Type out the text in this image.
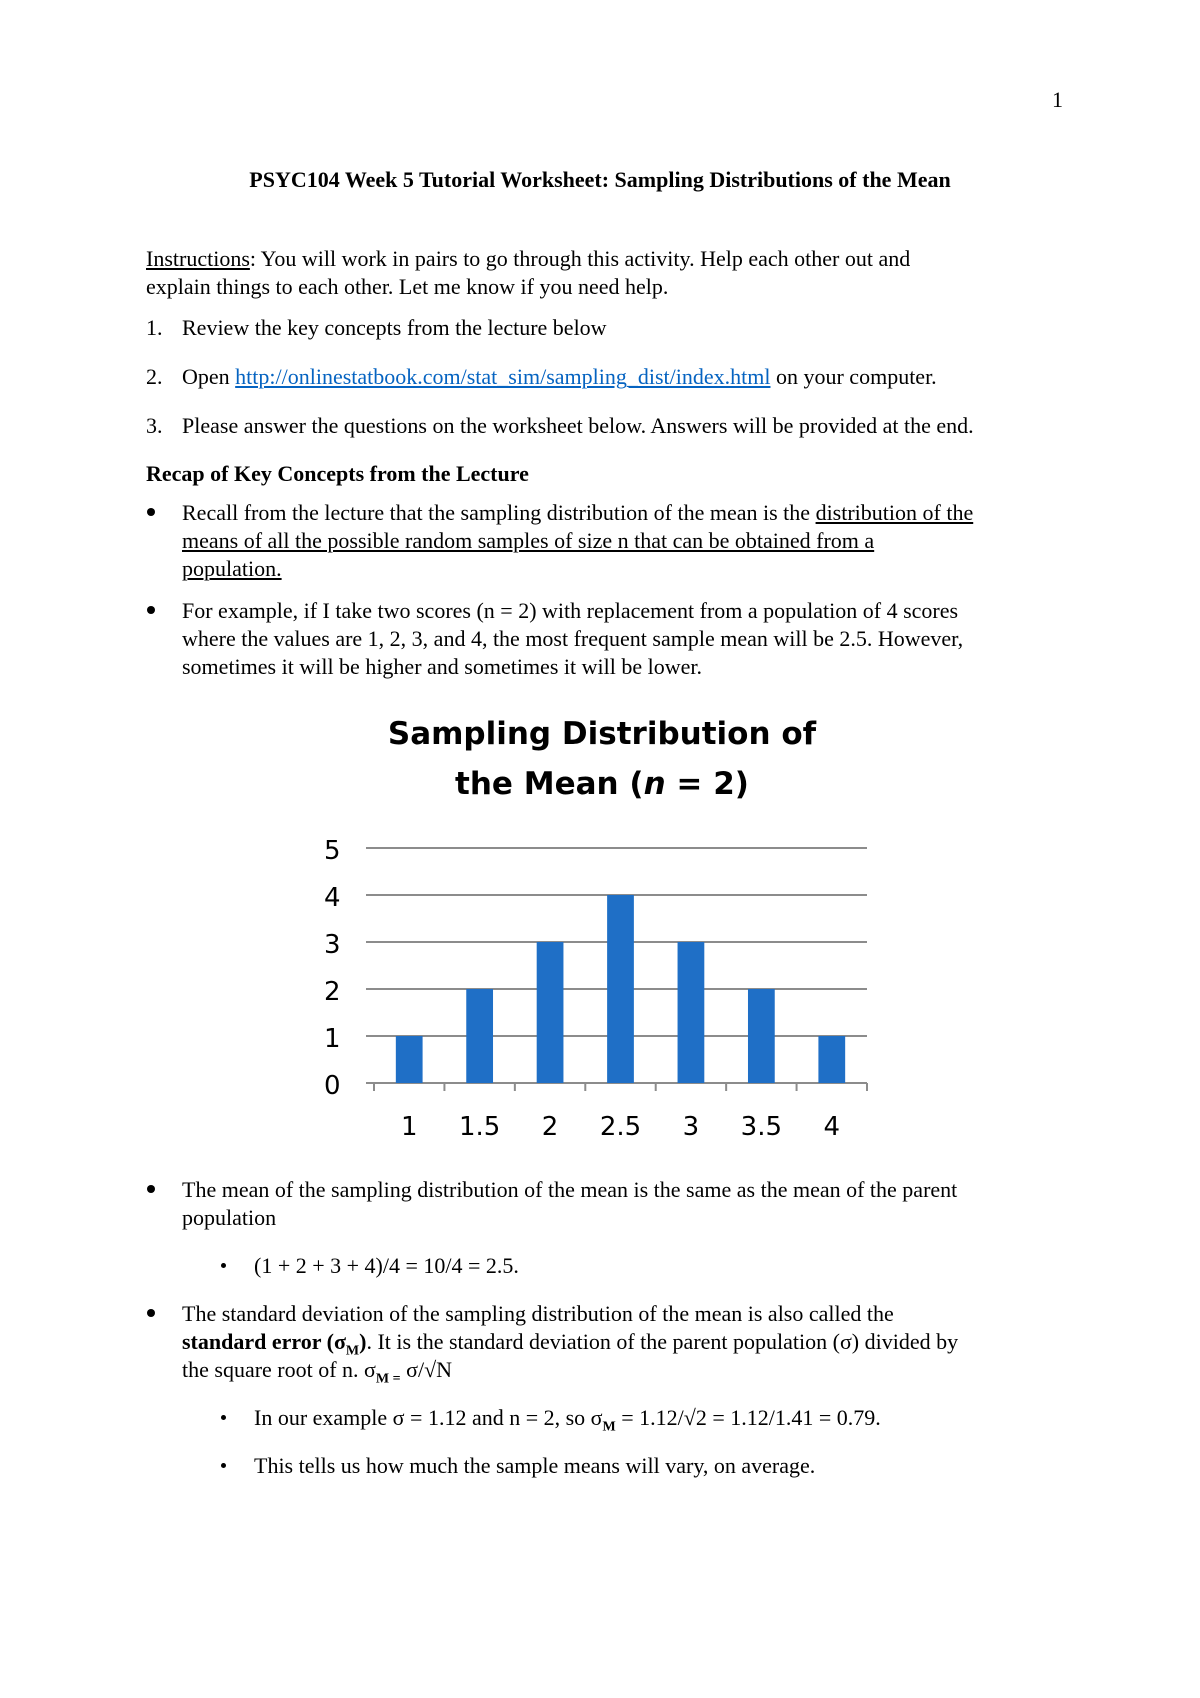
1
PSYC104 Week 5 Tutorial Worksheet: Sampling Distributions of the Mean
Instructions: You will work in pairs to go through this activity. Help each other out and
explain things to each other. Let me know if you need help.
1. Review the key concepts from the lecture below
2. Open http://onlinestatbook.com/stat_sim/sampling_dist/index.html on your computer.
3. Please answer the questions on the worksheet below. Answers will be provided at the end.
Recap of Key Concepts from the Lecture
Recall from the lecture that the sampling distribution of the mean is the distribution of the
means of all the possible random samples of size n that can be obtained from a
population.
For example, if I take two scores (n = 2) with replacement from a population of 4 scores
where the values are 1, 2, 3, and 4, the most frequent sample mean will be 2.5. However,
sometimes it will be higher and sometimes it will be lower.
Sampling Distribution of
the Mean (n = 2)
0
1
2
3
4
5
1 1.5 2 2.5 3 3.5 4
The mean of the sampling distribution of the mean is the same as the mean of the parent
population
(1 + 2 + 3 + 4)/4 = 10/4 = 2.5.
The standard deviation of the sampling distribution of the mean is also called the
standard error $(\sigma_M)$. It is the standard deviation of the parent population (σ) divided by
the square root of n. $\sigma_{M =}$ σ/√N
In our example σ = 1.12 and n = 2, so $\sigma_M = 1.12/√2 = 1.12/1.41 = 0.79$.
This tells us how much the sample means will vary, on average.
